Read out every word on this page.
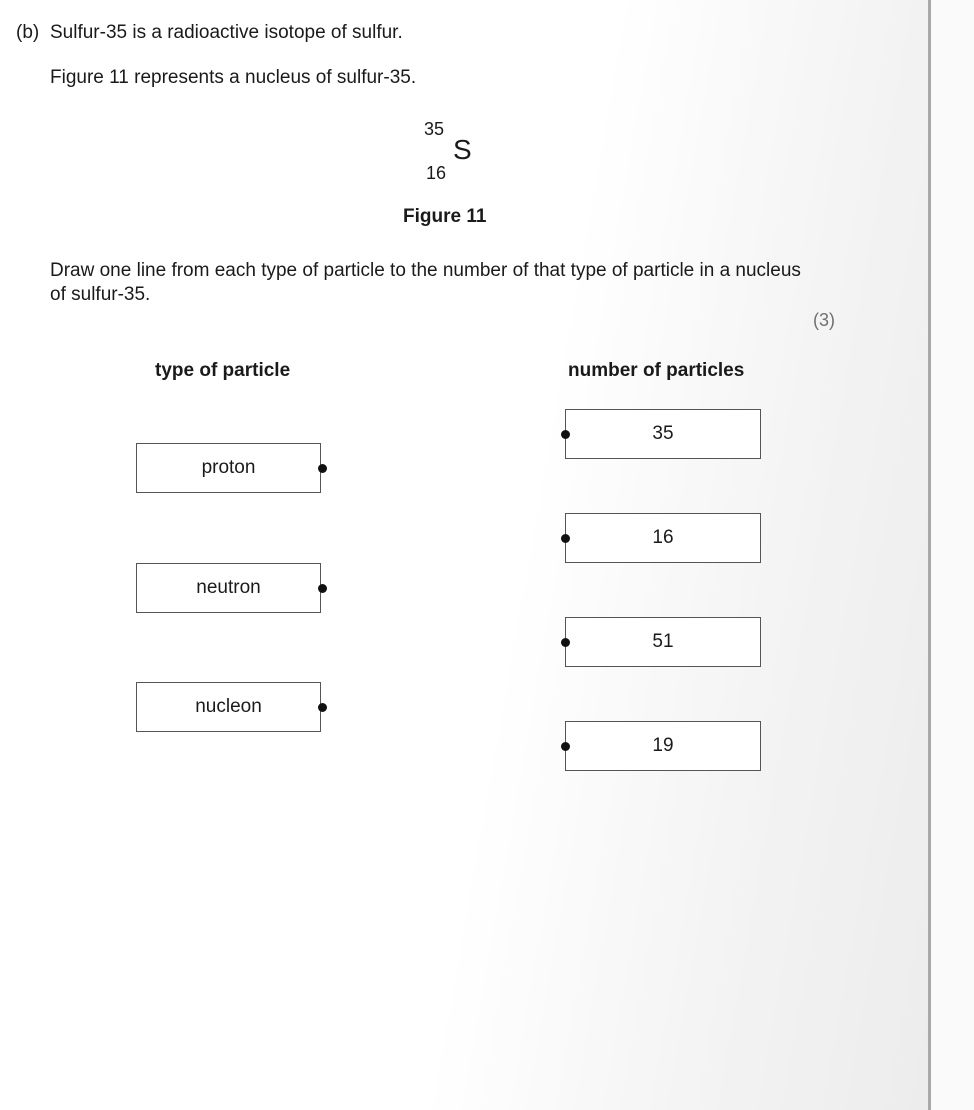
(b) Sulfur-35 is a radioactive isotope of sulfur.
Figure 11 represents a nucleus of sulfur-35.
35
S
16
Figure 11
Draw one line from each type of particle to the number of that type of particle in a nucleus of sulfur-35.
(3)
type of particle	number of particles
proton
neutron
nucleon
35
16
51
19
